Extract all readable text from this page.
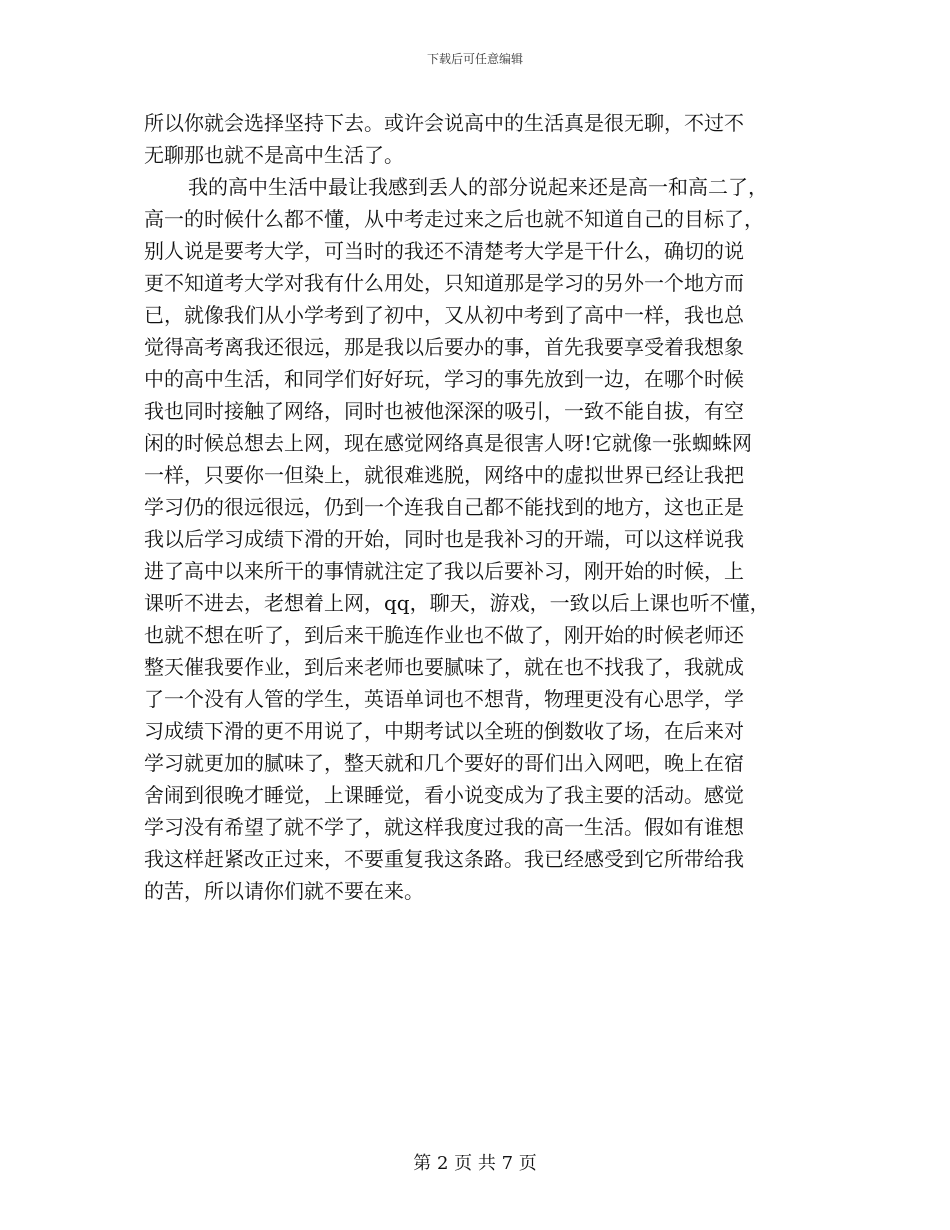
下载后可任意编辑
所以你就会选择坚持下去。或许会说高中的生活真是很无聊，不过不
无聊那也就不是高中生活了。
我的高中生活中最让我感到丢人的部分说起来还是高一和高二了，
高一的时候什么都不懂，从中考走过来之后也就不知道自己的目标了，
别人说是要考大学，可当时的我还不清楚考大学是干什么，确切的说
更不知道考大学对我有什么用处，只知道那是学习的另外一个地方而
已，就像我们从小学考到了初中，又从初中考到了高中一样，我也总
觉得高考离我还很远，那是我以后要办的事，首先我要享受着我想象
中的高中生活，和同学们好好玩，学习的事先放到一边，在哪个时候
我也同时接触了网络，同时也被他深深的吸引，一致不能自拔，有空
闲的时候总想去上网，现在感觉网络真是很害人呀!它就像一张蜘蛛网
一样，只要你一但染上，就很难逃脱，网络中的虚拟世界已经让我把
学习仍的很远很远，仍到一个连我自己都不能找到的地方，这也正是
我以后学习成绩下滑的开始，同时也是我补习的开端，可以这样说我
进了高中以来所干的事情就注定了我以后要补习，刚开始的时候，上
课听不进去，老想着上网，qq，聊天，游戏，一致以后上课也听不懂，
也就不想在听了，到后来干脆连作业也不做了，刚开始的时候老师还
整天催我要作业，到后来老师也要腻味了，就在也不找我了，我就成
了一个没有人管的学生，英语单词也不想背，物理更没有心思学，学
习成绩下滑的更不用说了，中期考试以全班的倒数收了场，在后来对
学习就更加的腻味了，整天就和几个要好的哥们出入网吧，晚上在宿
舍闹到很晚才睡觉，上课睡觉，看小说变成为了我主要的活动。感觉
学习没有希望了就不学了，就这样我度过我的高一生活。假如有谁想
我这样赶紧改正过来，不要重复我这条路。我已经感受到它所带给我
的苦，所以请你们就不要在来。
第 2 页 共 7 页
